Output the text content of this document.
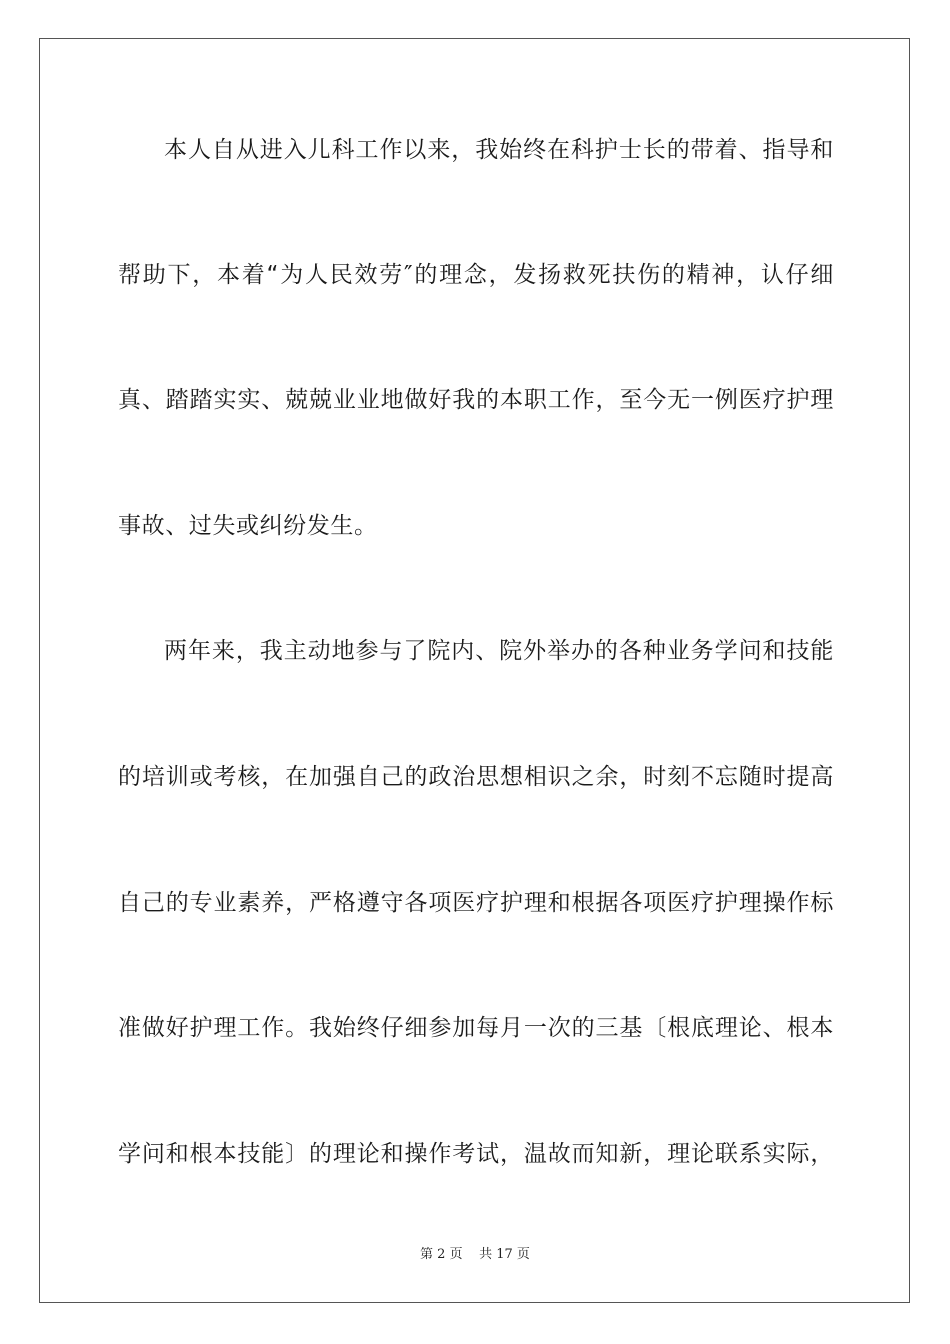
本人自从进入儿科工作以来，我始终在科护士长的带着、指导和
帮助下，本着“为人民效劳″的理念，发扬救死扶伤的精神，认仔细
真、踏踏实实、兢兢业业地做好我的本职工作，至今无一例医疗护理
事故、过失或纠纷发生。
两年来，我主动地参与了院内、院外举办的各种业务学问和技能
的培训或考核，在加强自己的政治思想相识之余，时刻不忘随时提高
自己的专业素养，严格遵守各项医疗护理和根据各项医疗护理操作标
准做好护理工作。我始终仔细参加每月一次的三基〔根底理论、根本
学问和根本技能〕的理论和操作考试，温故而知新，理论联系实际，
第 2 页 共 17 页
